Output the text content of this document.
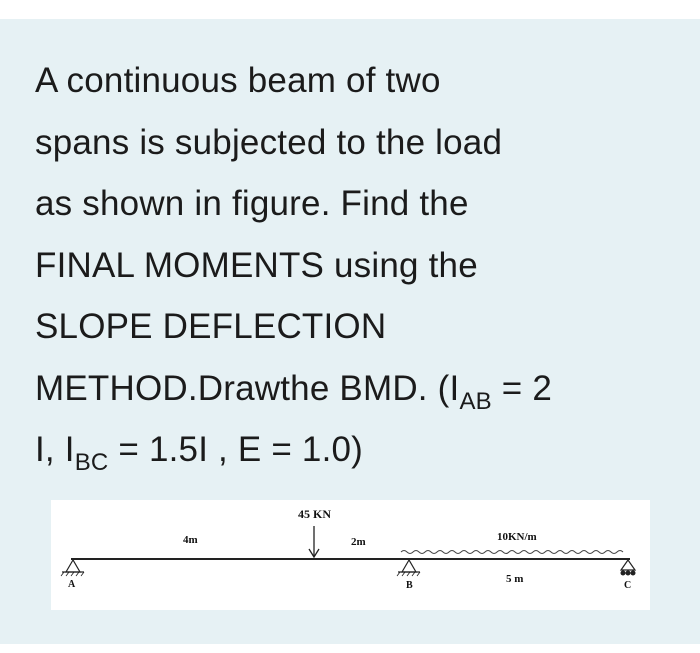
A continuous beam of two
spans is subjected to the load
as shown in figure. Find the
FINAL MOMENTS using the
SLOPE DEFLECTION
METHOD.Drawthe BMD. ($I_{AB} = 2$
I, $I_{BC} = 1.5I$ , E = 1.0)
45 KN
4m	2m	10KN/m
5 m
A	B	C
